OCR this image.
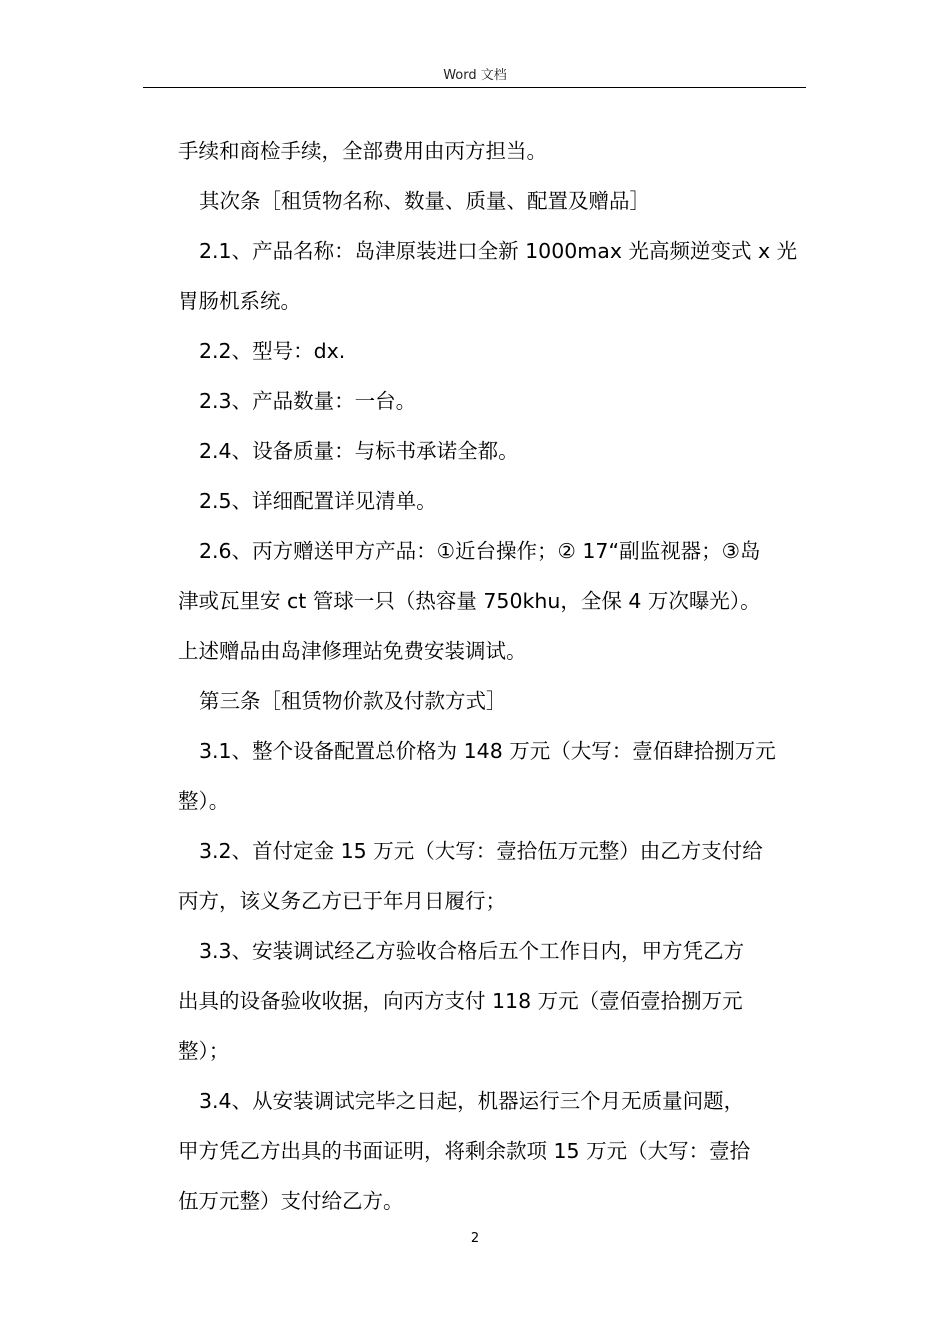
Word 文档
手续和商检手续，全部费用由丙方担当。
其次条［租赁物名称、数量、质量、配置及赠品］
2.1、产品名称：岛津原装进口全新 1000max 光高频逆变式 x 光
胃肠机系统。
2.2、型号：dx.
2.3、产品数量：一台。
2.4、设备质量：与标书承诺全都。
2.5、详细配置详见清单。
2.6、丙方赠送甲方产品：①近台操作；② 17“副监视器；③岛
津或瓦里安 ct 管球一只（热容量 750khu，全保 4 万次曝光）。
上述赠品由岛津修理站免费安装调试。
第三条［租赁物价款及付款方式］
3.1、整个设备配置总价格为 148 万元（大写：壹佰肆拾捌万元
整）。
3.2、首付定金 15 万元（大写：壹拾伍万元整）由乙方支付给
丙方，该义务乙方已于年月日履行；
3.3、安装调试经乙方验收合格后五个工作日内，甲方凭乙方
出具的设备验收收据，向丙方支付 118 万元（壹佰壹拾捌万元
整）；
3.4、从安装调试完毕之日起，机器运行三个月无质量问题，
甲方凭乙方出具的书面证明，将剩余款项 15 万元（大写：壹拾
伍万元整）支付给乙方。
2
